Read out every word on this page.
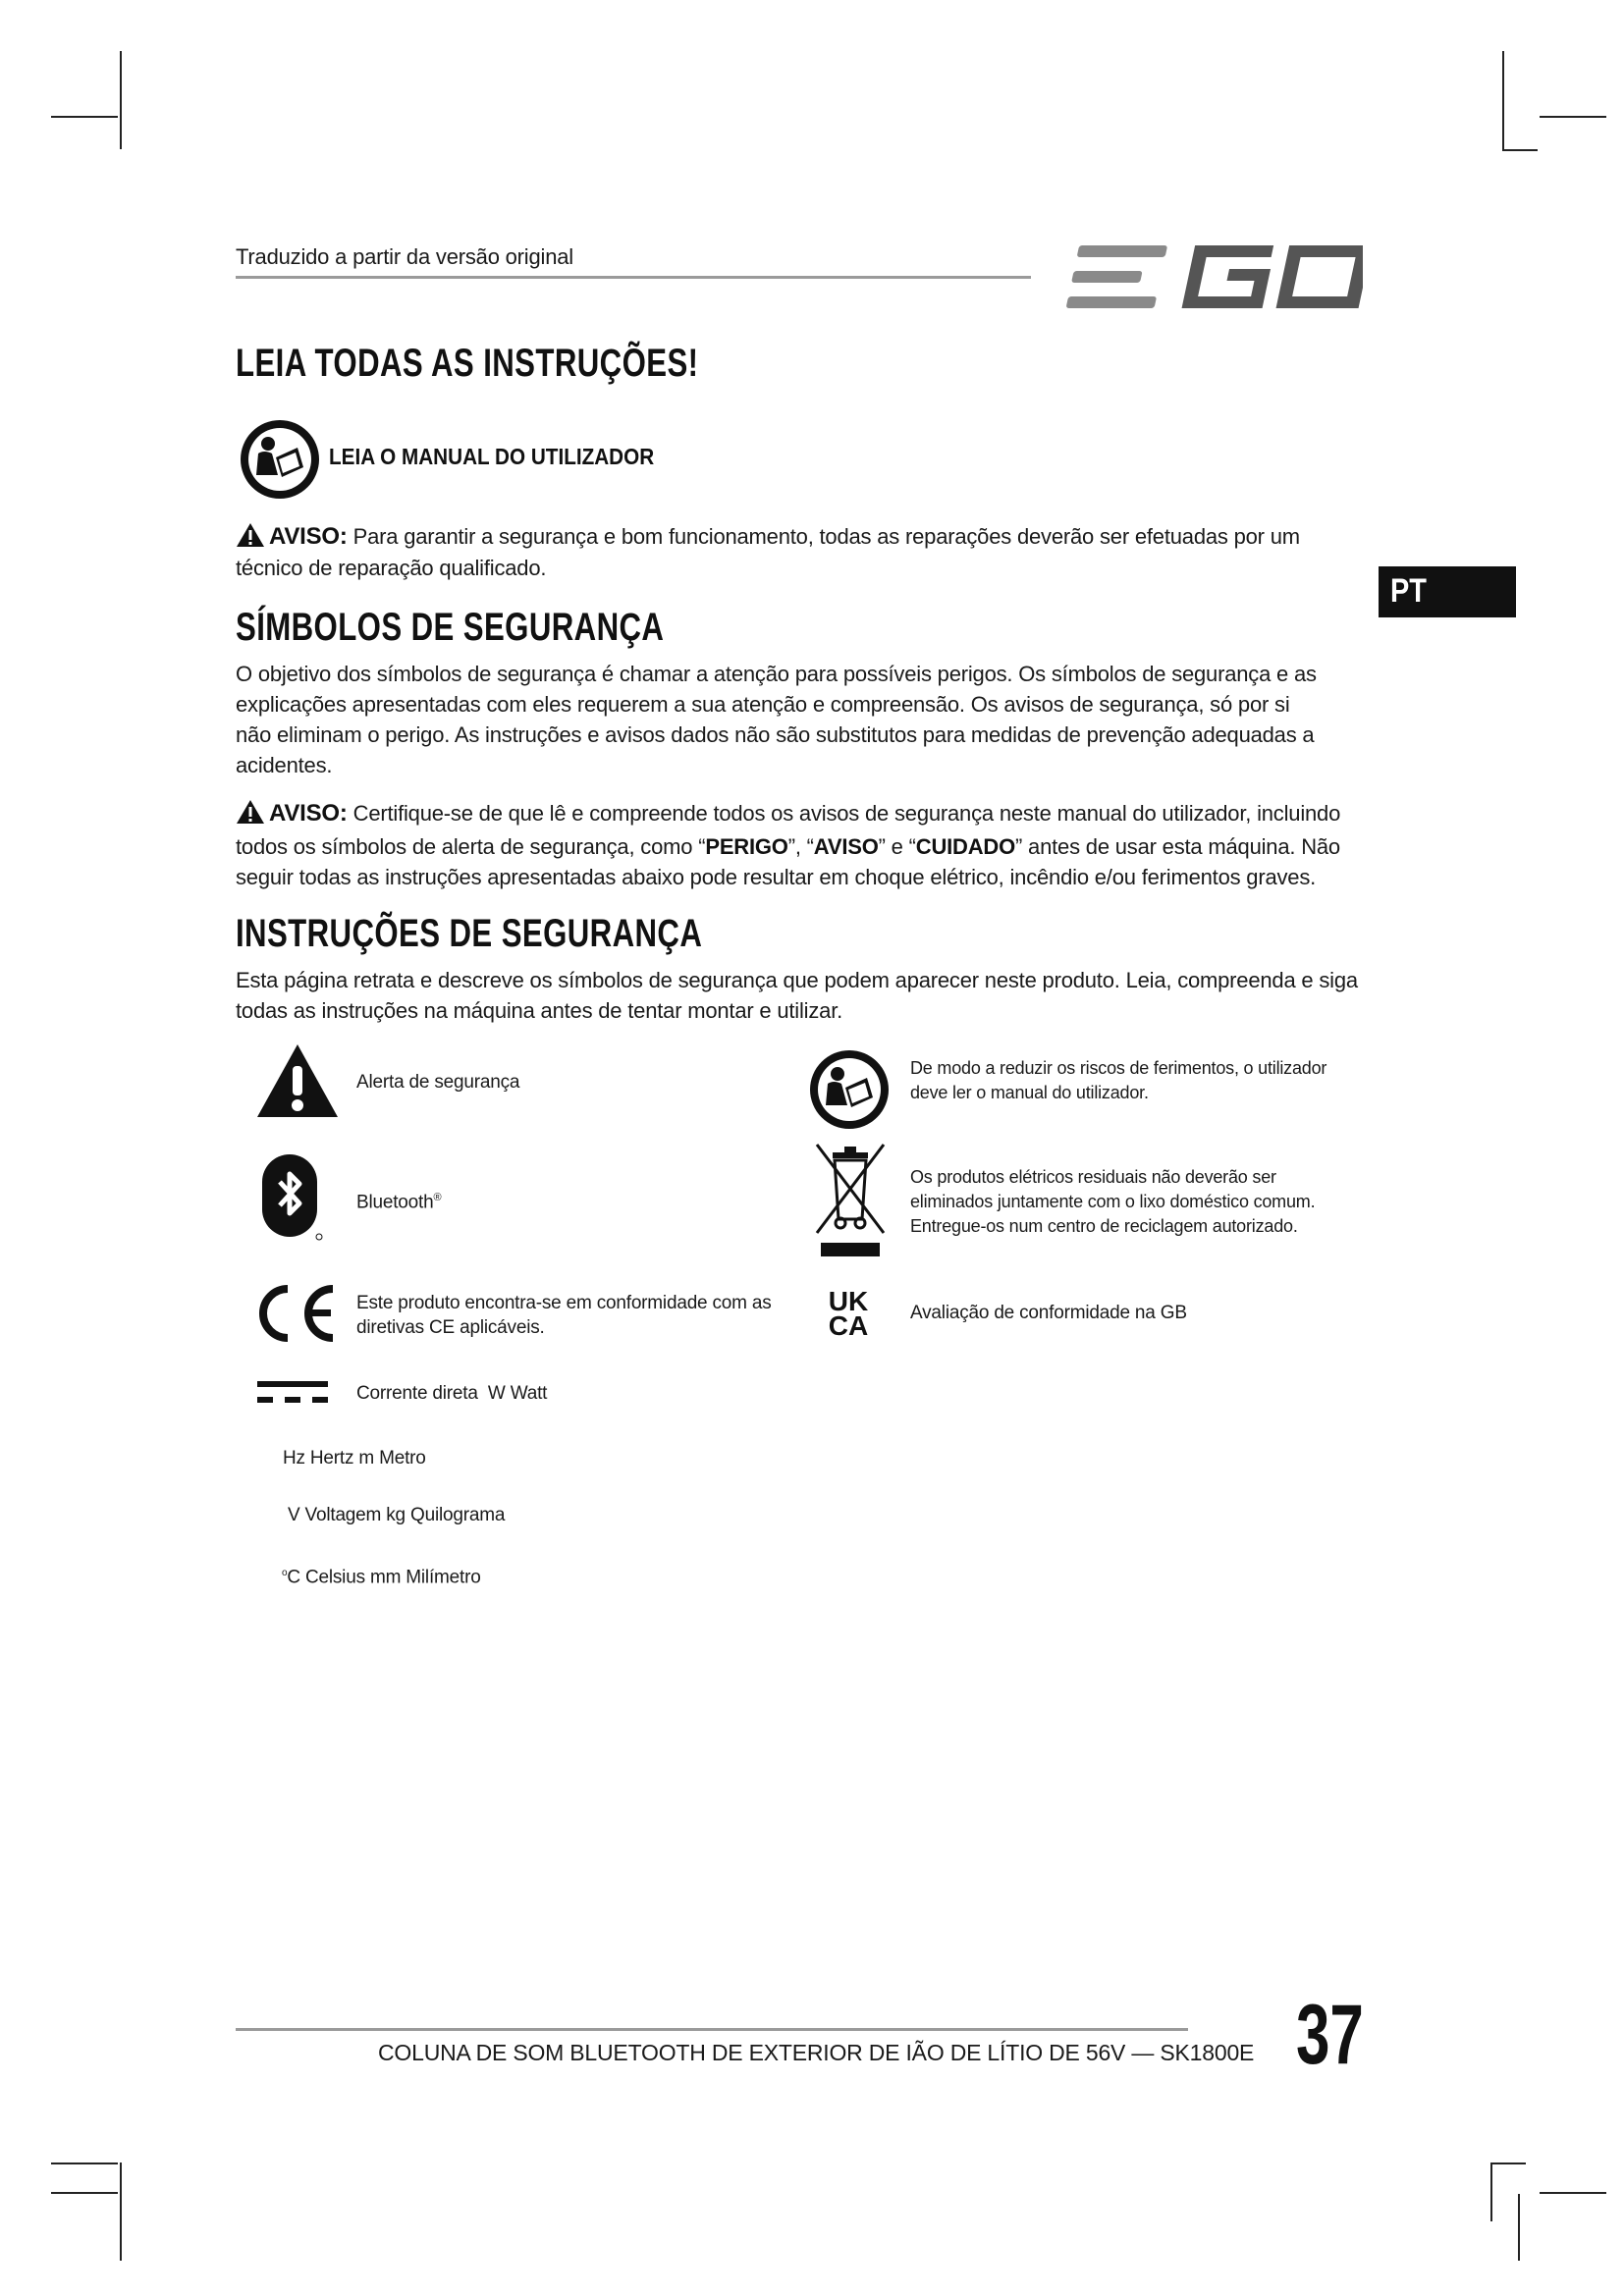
Traduzido a partir da versão original
PT
LEIA TODAS AS INSTRUÇÕES!
LEIA O MANUAL DO UTILIZADOR
AVISO: Para garantir a segurança e bom funcionamento, todas as reparações deverão ser efetuadas por um
técnico de reparação qualificado.
SÍMBOLOS DE SEGURANÇA
O objetivo dos símbolos de segurança é chamar a atenção para possíveis perigos. Os símbolos de segurança e as
explicações apresentadas com eles requerem a sua atenção e compreensão. Os avisos de segurança, só por si
não eliminam o perigo. As instruções e avisos dados não são substitutos para medidas de prevenção adequadas a
acidentes.
AVISO: Certifique-se de que lê e compreende todos os avisos de segurança neste manual do utilizador, incluindo
todos os símbolos de alerta de segurança, como “PERIGO”, “AVISO” e “CUIDADO” antes de usar esta máquina. Não
seguir todas as instruções apresentadas abaixo pode resultar em choque elétrico, incêndio e/ou ferimentos graves.
INSTRUÇÕES DE SEGURANÇA
Esta página retrata e descreve os símbolos de segurança que podem aparecer neste produto. Leia, compreenda e siga
todas as instruções na máquina antes de tentar montar e utilizar.
Alerta de segurança
Bluetooth®
Este produto encontra-se em conformidade com as
diretivas CE aplicáveis.
Corrente direta  W Watt
Hz Hertz m Metro
V Voltagem kg Quilograma
$^o$C Celsius mm Milímetro
De modo a reduzir os riscos de ferimentos, o utilizador
deve ler o manual do utilizador.
Os produtos elétricos residuais não deverão ser
eliminados juntamente com o lixo doméstico comum.
Entregue-os num centro de reciclagem autorizado.
UK
CA	Avaliação de conformidade na GB
COLUNA DE SOM BLUETOOTH DE EXTERIOR DE IÃO DE LÍTIO DE 56V — SK1800E 37
